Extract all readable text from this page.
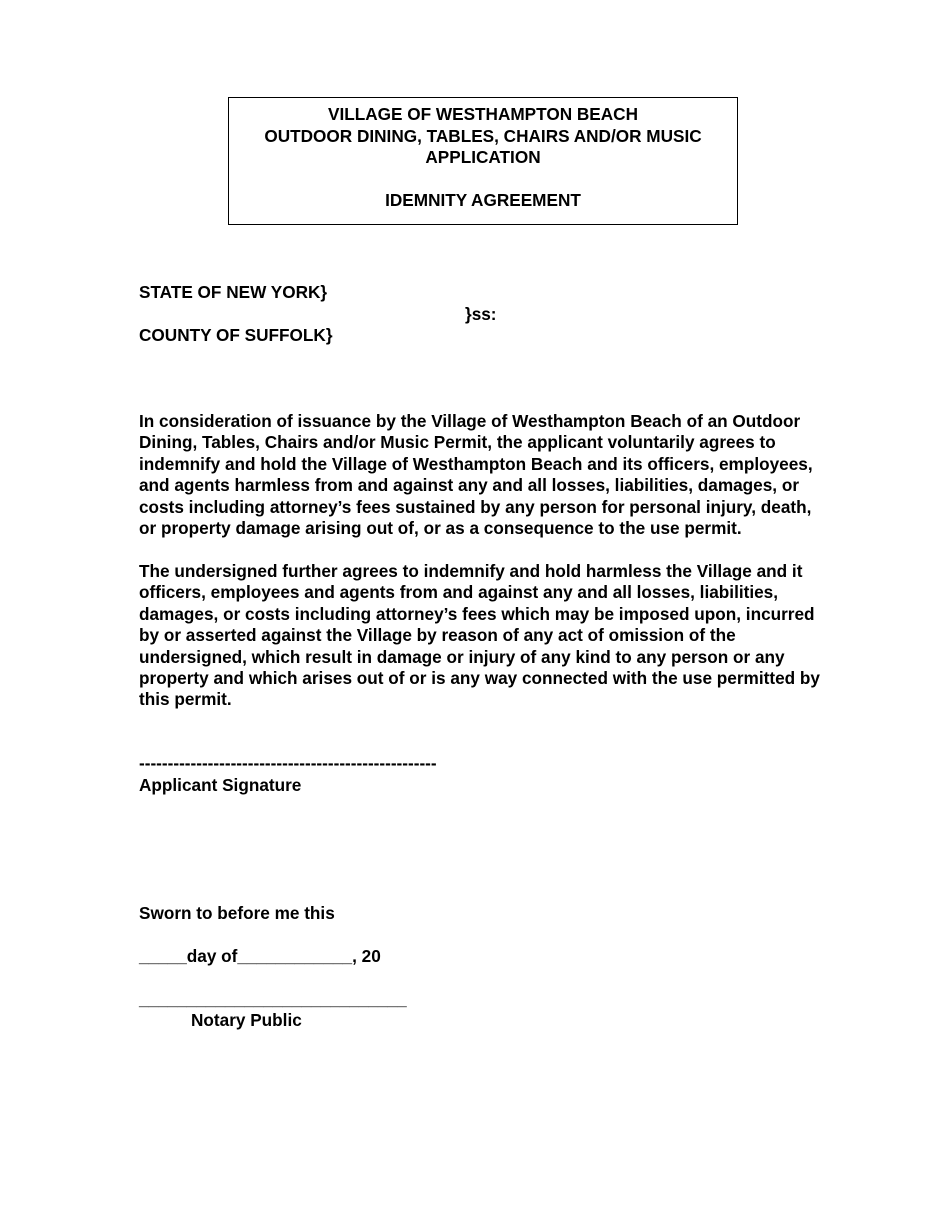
VILLAGE OF WESTHAMPTON BEACH
OUTDOOR DINING, TABLES, CHAIRS AND/OR MUSIC
APPLICATION
IDEMNITY AGREEMENT
STATE OF NEW YORK}
}ss:
COUNTY OF SUFFOLK}
In consideration of issuance by the Village of Westhampton Beach of an Outdoor
Dining, Tables, Chairs and/or Music Permit, the applicant voluntarily agrees to
indemnify and hold the Village of Westhampton Beach and its officers, employees,
and agents harmless from and against any and all losses, liabilities, damages, or
costs including attorney’s fees sustained by any person for personal injury, death,
or property damage arising out of, or as a consequence to the use permit.
The undersigned further agrees to indemnify and hold harmless the Village and it
officers, employees and agents from and against any and all losses, liabilities,
damages, or costs including attorney’s fees which may be imposed upon, incurred
by or asserted against the Village by reason of any act of omission of the
undersigned, which result in damage or injury of any kind to any person or any
property and which arises out of or is any way connected with the use permitted by
this permit.
----------------------------------------------------
Applicant Signature
Sworn to before me this
_____day of____________, 20
____________________________
Notary Public
